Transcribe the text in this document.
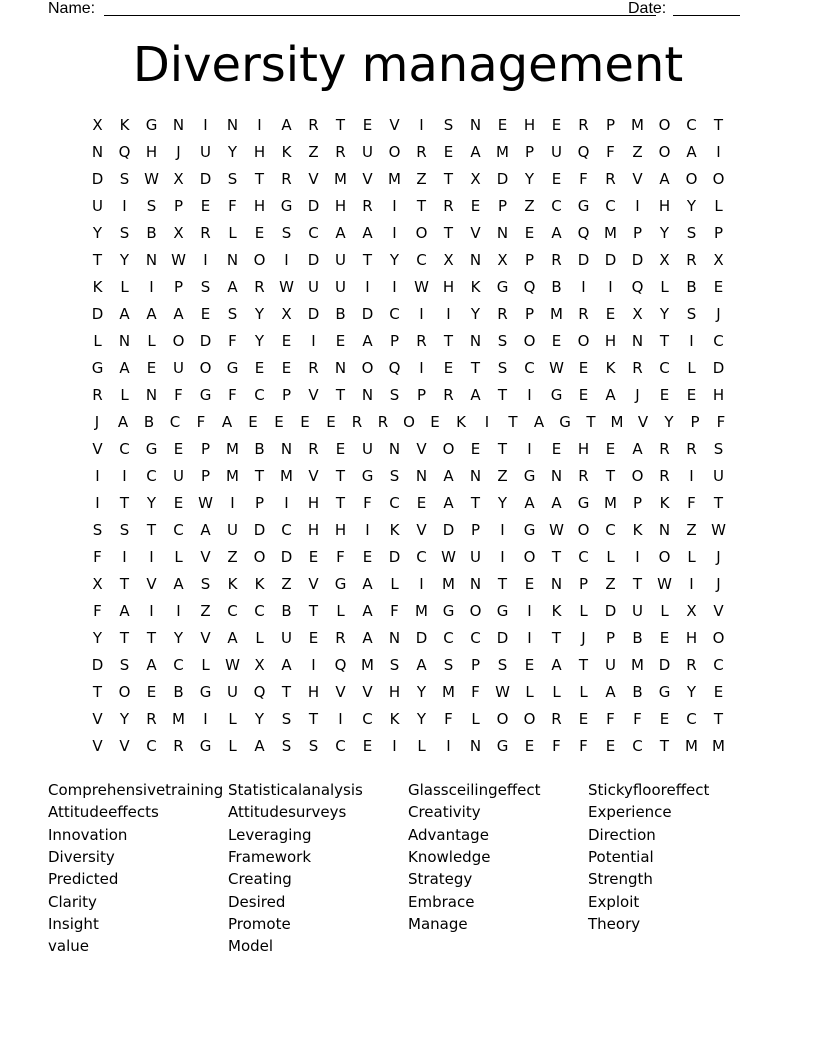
Name:	Date:
Diversity management
X	K	G	N	I	N	I	A	R	T	E	V	I	S	N	E	H	E	R	P	M O	C	T
N	Q	H	J	U	Y	H	K	Z	R	U	O	R	E	A	M	P	U	Q	F	Z	O	A	I
D	S W X	D	S	T	R	V	M	V	M	Z	T	X	D	Y	E	F	R	V	A	O	O
U	I	S	P	E	F	H	G	D	H	R	I	T	R	E	P	Z	C	G	C	I	H	Y	L
Y	S	B	X	R	L	E	S	C	A	A	I	O	T	V	N	E	A	Q M	P	Y	S	P
T	Y	N W	I	N	O	I	D	U	T	Y	C	X	N	X	P	R	D	D	D	X	R	X
K	L	I	P	S	A	R W U	U	I	I	W H	K	G	Q	B	I	I	Q	L	B	E
D	A	A	A	E	S	Y	X	D	B	D	C	I	I	Y	R	P	M	R	E	X	Y	S	J
L	N	L	O	D	F	Y	E	I	E	A	P	R	T	N	S	O	E	O	H	N	T	I	C
G	A	E	U	O	G	E	E	R	N	O	Q	I	E	T	S	C W E	K	R	C	L	D
R	L	N	F	G	F	C	P	V	T	N	S	P	R	A	T	I	G	E	A	J	E	E	H
J	A	B	C	F	A	E	E	E	E	R	R O	E	K	I	T	A	G	T M V	Y	P	F
V	C	G	E	P	M	B	N	R	E	U	N	V	O	E	T	I	E	H	E	A	R	R	S
I	I	C	U	P	M	T	M	V	T	G	S	N	A	N	Z	G	N	R	T	O	R	I	U
I	T	Y	E W	I	P	I	H	T	F	C	E	A	T	Y	A	A	G M	P	K	F	T
S	S	T	C	A	U	D	C	H	H	I	K	V	D	P	I	G W O	C	K	N	Z W
F	I	I	L	V	Z	O	D	E	F	E	D	C W U	I	O	T	C	L	I	O	L	J
X	T	V	A	S	K	K	Z	V	G	A	L	I	M N	T	E	N	P	Z	T	W	I	J
F	A	I	I	Z	C	C	B	T	L	A	F	M G	O	G	I	K	L	D	U	L	X	V
Y	T	T	Y	V	A	L	U	E	R	A	N	D	C	C	D	I	T	J	P	B	E	H	O
D	S	A	C	L	W X	A	I	Q M	S	A	S	P	S	E	A	T	U	M D	R	C
T	O	E	B	G	U	Q	T	H	V	V	H	Y	M	F	W	L	L	L	A	B	G	Y	E
V	Y	R	M	I	L	Y	S	T	I	C	K	Y	F	L	O	O	R	E	F	F	E	C	T
V	V	C	R	G	L	A	S	S	C	E	I	L	I	N	G	E	F	F	E	C	T	M M
Comprehensivetraining
Attitudeeffects
Innovation
Diversity
Predicted
Clarity
Insight
value
Statisticalanalysis
Attitudesurveys
Leveraging
Framework
Creating
Desired
Promote
Model
Glassceilingeffect
Creativity
Advantage
Knowledge
Strategy
Embrace
Manage
Stickyflooreffect
Experience
Direction
Potential
Strength
Exploit
Theory
